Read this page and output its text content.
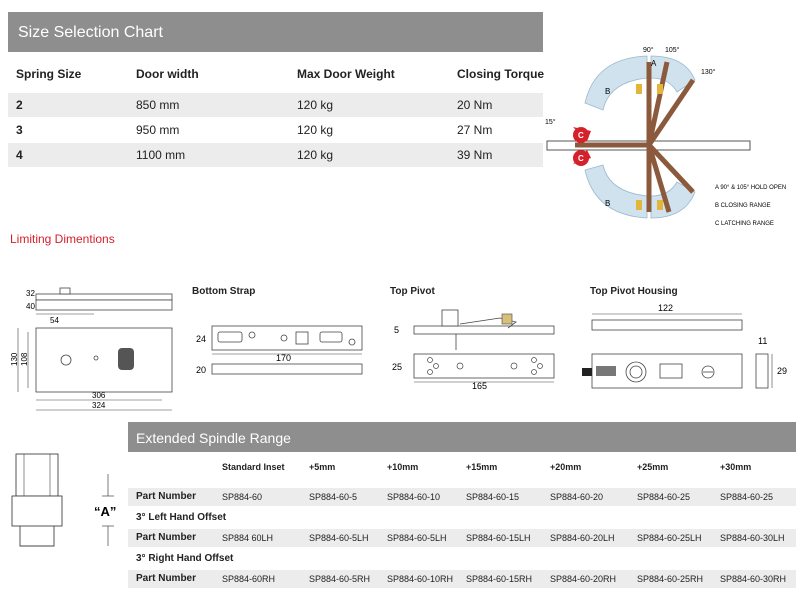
Size Selection Chart
Spring Size	Door width	Max Door Weight	Closing Torque
2	850 mm	120 kg	20 Nm
3	950 mm	120 kg	27 Nm
4	1100 mm	120 kg	39 Nm
90° 105°
130°
15°
A
B
B
C
C
A 90° & 105° HOLD OPEN
B CLOSING RANGE
C LATCHING RANGE
Limiting Dimentions
32
40
54
130 108
306
324
Bottom Strap
24
20
170
Top Pivot
5
25
165
Top Pivot Housing
122
11
29
“A”
Extended Spindle Range
Standard Inset	+5mm	+10mm	+15mm	+20mm	+25mm	+30mm
Part Number	SP884-60	SP884-60-5	SP884-60-10	SP884-60-15	SP884-60-20	SP884-60-25	SP884-60-25
3° Left Hand Offset
Part Number	SP884 60LH	SP884-60-5LH SP884-60-5LH SP884-60-15LH SP884-60-20LH SP884-60-25LH SP884-60-30LH
3° Right Hand Offset
Part Number	SP884-60RH	SP884-60-5RH SP884-60-10RH SP884-60-15RH SP884-60-20RH SP884-60-25RH SP884-60-30RH
